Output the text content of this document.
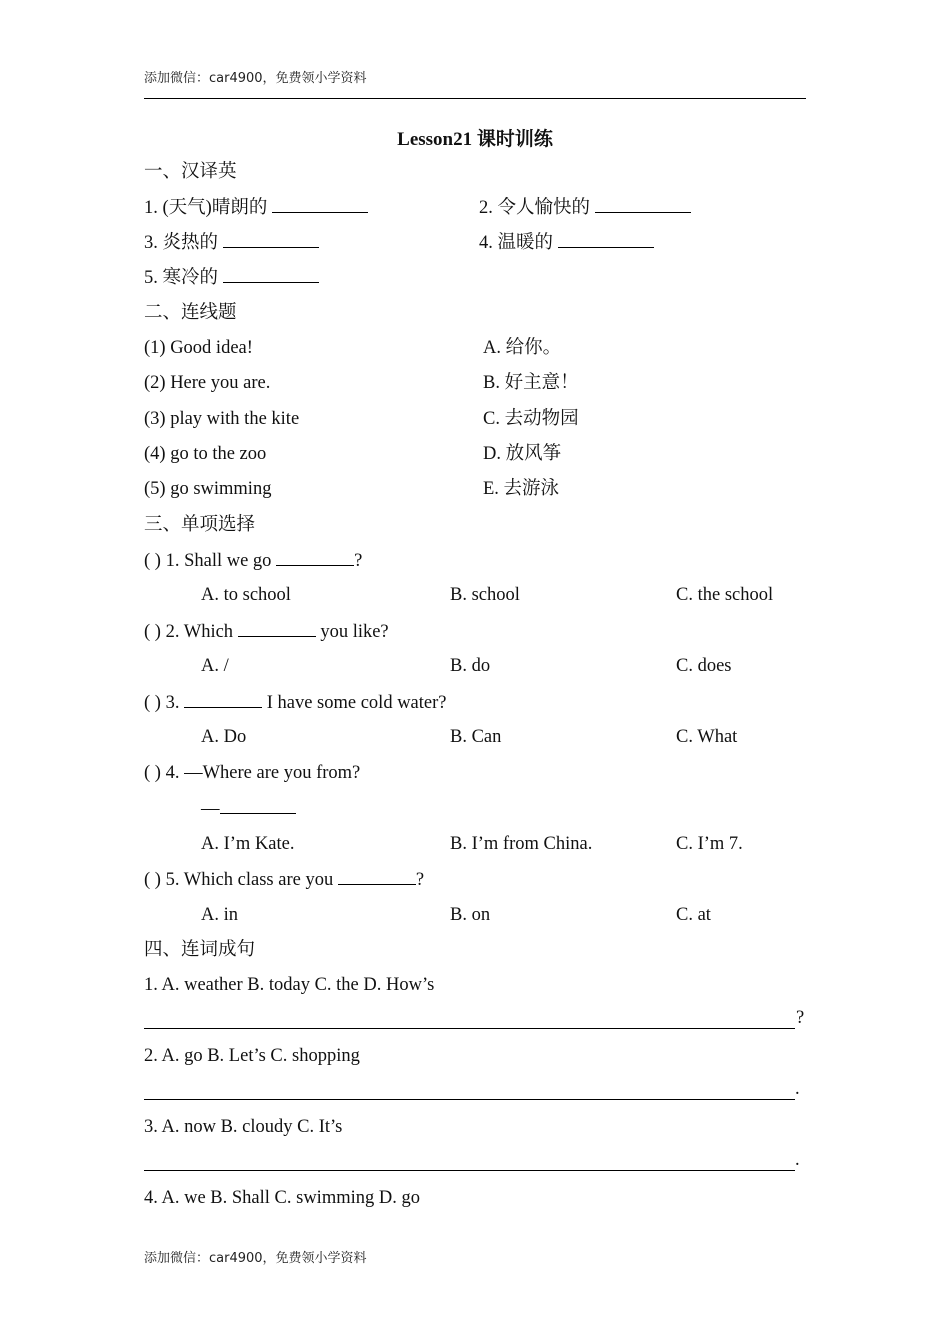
添加微信：car4900，免费领小学资料
Lesson21 课时训练
一、汉译英
1. (天气)晴朗的	2. 令人愉快的
3. 炎热的	4. 温暖的
5. 寒冷的
二、连线题
(1) Good idea!	A. 给你。
(2) Here you are.	B. 好主意！
(3) play with the kite	C. 去动物园
(4) go to the zoo	D. 放风筝
(5) go swimming	E. 去游泳
三、单项选择
( ) 1. Shall we go	?
A. to school	B. school	C. the school
( ) 2. Which	you like?
A. /	B. do	C. does
( ) 3.	I have some cold water?
A. Do	B. Can	C. What
( ) 4. —Where are you from?
—
A. I’m Kate.	B. I’m from China.	C. I’m 7.
( ) 5. Which class are you	?
A. in	B. on	C. at
四、连词成句
1. A. weather B. today C. the D. How’s
?
2. A. go B. Let’s C. shopping
.
3. A. now B. cloudy C. It’s
.
4. A. we B. Shall C. swimming D. go
添加微信：car4900，免费领小学资料
